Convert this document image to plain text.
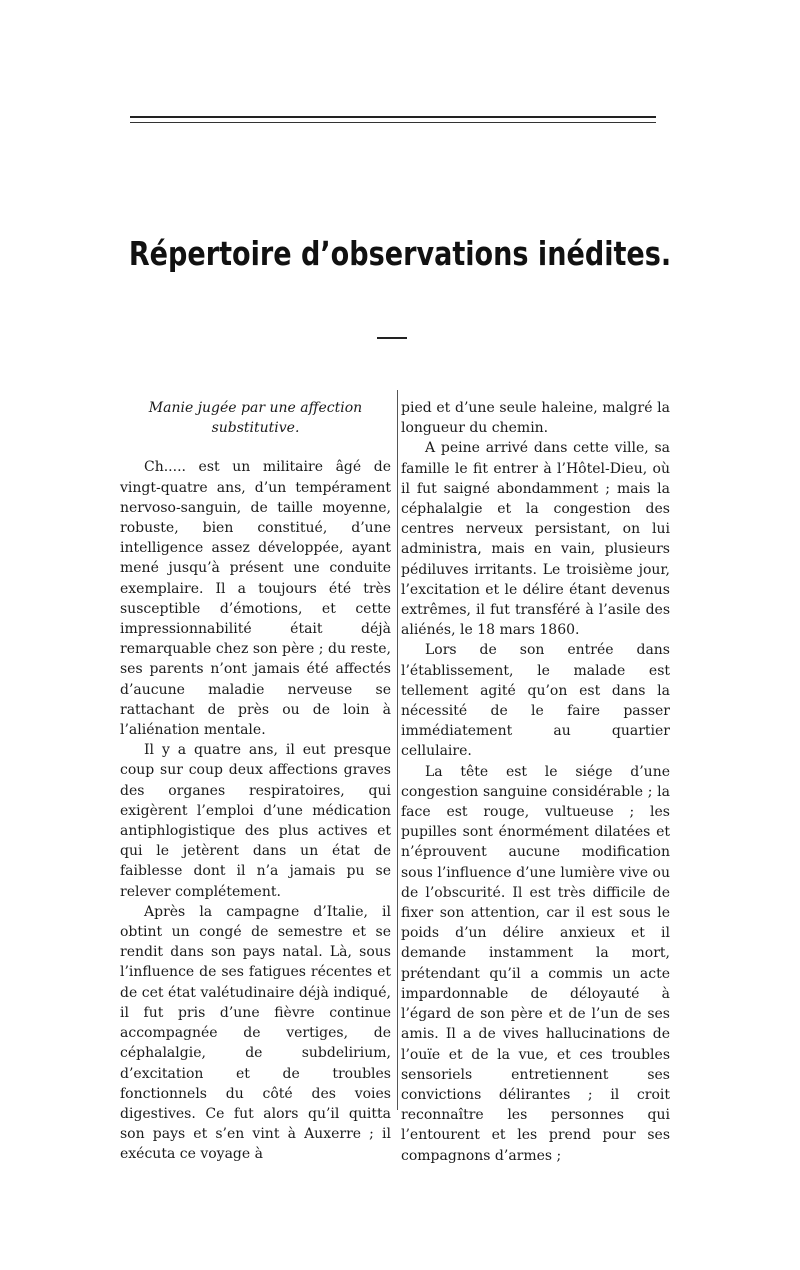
Répertoire d’observations inédites.
Manie jugée par une affection substitutive.

Ch..... est un militaire âgé de vingt-quatre ans, d’un tempérament nervoso-sanguin, de taille moyenne, robuste, bien constitué, d’une intelligence assez développée, ayant mené jusqu’à présent une conduite exemplaire. Il a toujours été très susceptible d’émotions, et cette impressionnabilité était déjà remarquable chez son père ; du reste, ses parents n’ont jamais été affectés d’aucune maladie nerveuse se rattachant de près ou de loin à l’aliénation mentale.

Il y a quatre ans, il eut presque coup sur coup deux affections graves des organes respiratoires, qui exigèrent l’emploi d’une médication antiphlogistique des plus actives et qui le jetèrent dans un état de faiblesse dont il n’a jamais pu se relever complétement.

Après la campagne d’Italie, il obtint un congé de semestre et se rendit dans son pays natal. Là, sous l’influence de ses fatigues récentes et de cet état valétudinaire déjà indiqué, il fut pris d’une fièvre continue accompagnée de vertiges, de céphalalgie, de subdelirium, d’excitation et de troubles fonctionnels du côté des voies digestives. Ce fut alors qu’il quitta son pays et s’en vint à Auxerre ; il exécuta ce voyage à

pied et d’une seule haleine, malgré la longueur du chemin.

A peine arrivé dans cette ville, sa famille le fit entrer à l’Hôtel-Dieu, où il fut saigné abondamment ; mais la céphalalgie et la congestion des centres nerveux persistant, on lui administra, mais en vain, plusieurs pédiluves irritants. Le troisième jour, l’excitation et le délire étant devenus extrêmes, il fut transféré à l’asile des aliénés, le 18 mars 1860.

Lors de son entrée dans l’établissement, le malade est tellement agité qu’on est dans la nécessité de le faire passer immédiatement au quartier cellulaire.

La tête est le siége d’une congestion sanguine considérable ; la face est rouge, vultueuse ; les pupilles sont énormément dilatées et n’éprouvent aucune modification sous l’influence d’une lumière vive ou de l’obscurité. Il est très difficile de fixer son attention, car il est sous le poids d’un délire anxieux et il demande instamment la mort, prétendant qu’il a commis un acte impardonnable de déloyauté à l’égard de son père et de l’un de ses amis. Il a de vives hallucinations de l’ouïe et de la vue, et ces troubles sensoriels entretiennent ses convictions délirantes ; il croit reconnaître les personnes qui l’entourent et les prend pour ses compagnons d’armes ;
